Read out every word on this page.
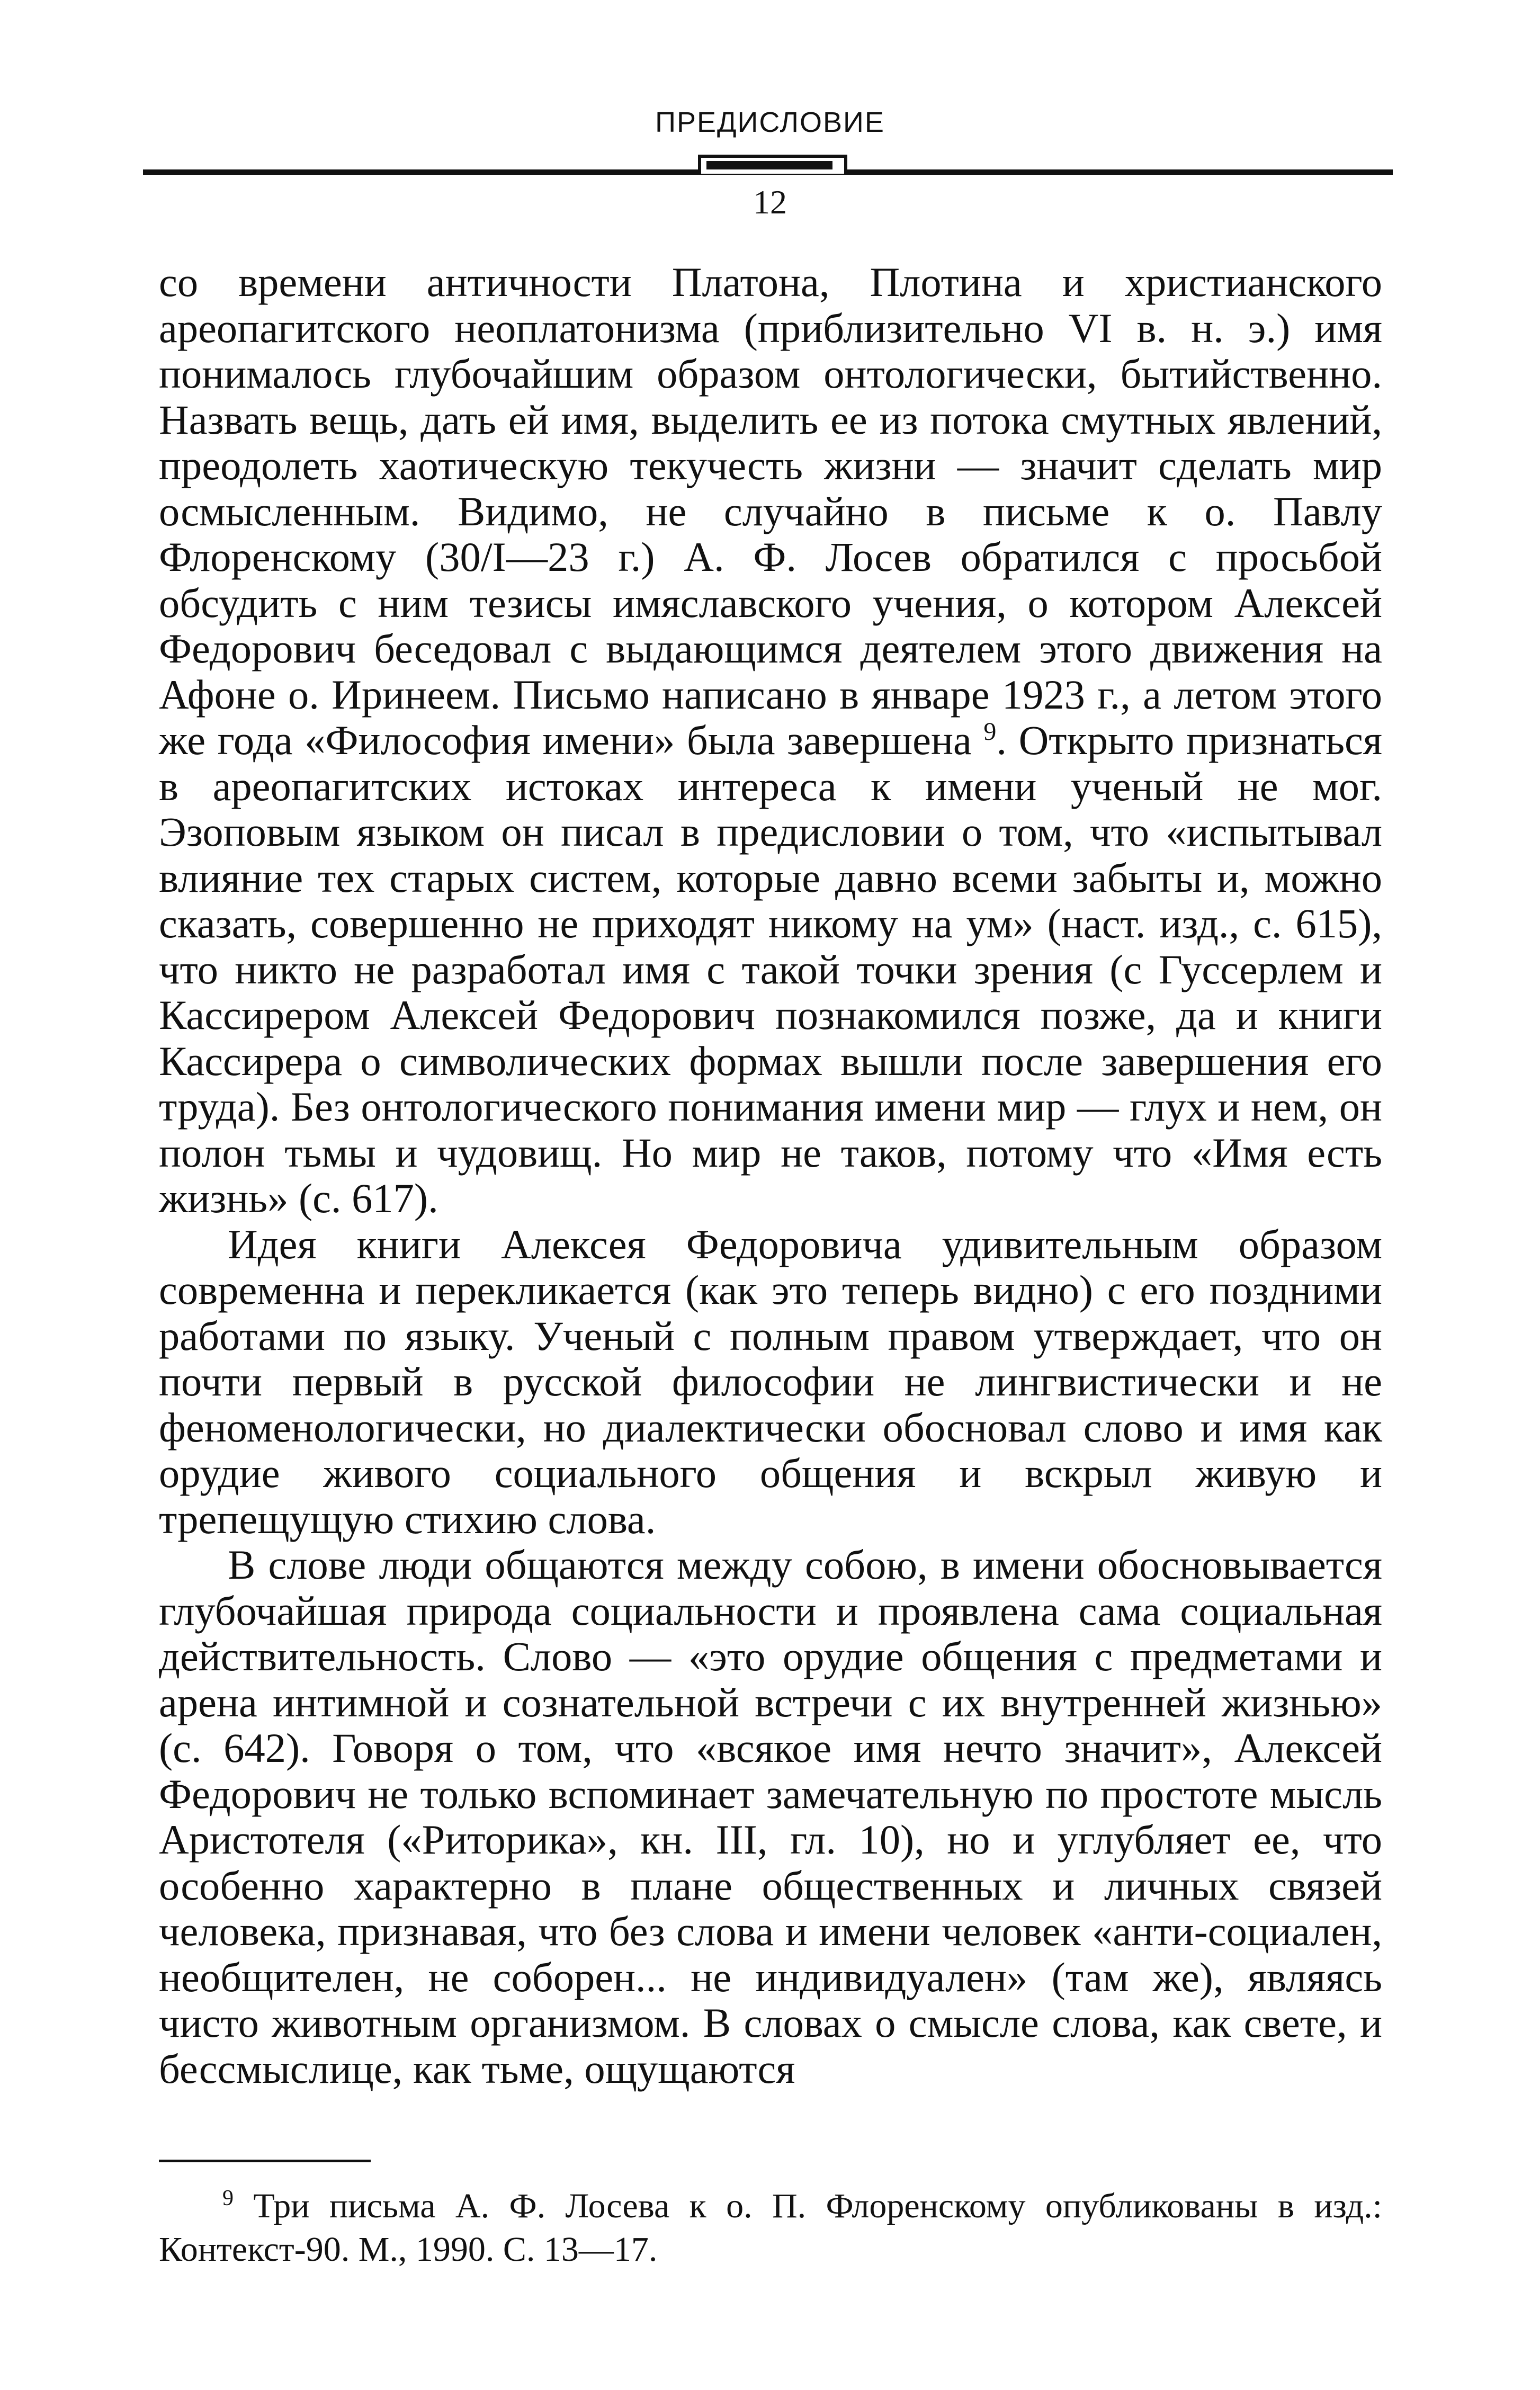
ПРЕДИСЛОВИЕ
12

со времени античности Платона, Плотина и христианского ареопагитского неоплатонизма (приблизительно VI в. н. э.) имя понималось глубочайшим образом онтологически, бытийственно. Назвать вещь, дать ей имя, выделить ее из потока смутных явлений, преодолеть хаотическую текучесть жизни — значит сделать мир осмысленным. Видимо, не случайно в письме к о. Павлу Флоренскому (30/I—23 г.) А. Ф. Лосев обратился с просьбой обсудить с ним тезисы имяславского учения, о котором Алексей Федорович беседовал с выдающимся деятелем этого движения на Афоне о. Иринеем. Письмо написано в январе 1923 г., а летом этого же года «Философия имени» была завершена $^9$. Открыто признаться в ареопагитских истоках интереса к имени ученый не мог. Эзоповым языком он писал в предисловии о том, что «испытывал влияние тех старых систем, которые давно всеми забыты и, можно сказать, совершенно не приходят никому на ум» (наст. изд., с. 615), что никто не разработал имя с такой точки зрения (с Гуссерлем и Кассирером Алексей Федорович познакомился позже, да и книги Кассирера о символических формах вышли после завершения его труда). Без онтологического понимания имени мир — глух и нем, он полон тьмы и чудовищ. Но мир не таков, потому что «Имя есть жизнь» (с. 617).

Идея книги Алексея Федоровича удивительным образом современна и перекликается (как это теперь видно) с его поздними работами по языку. Ученый с полным правом утверждает, что он почти первый в русской философии не лингвистически и не феноменологически, но диалектически обосновал слово и имя как орудие живого социального общения и вскрыл живую и трепещущую стихию слова.

В слове люди общаются между собою, в имени обосновывается глубочайшая природа социальности и проявлена сама социальная действительность. Слово — «это орудие общения с предметами и арена интимной и сознательной встречи с их внутренней жизнью» (с. 642). Говоря о том, что «всякое имя нечто значит», Алексей Федорович не только вспоминает замечательную по простоте мысль Аристотеля («Риторика», кн. III, гл. 10), но и углубляет ее, что особенно характерно в плане общественных и личных связей человека, признавая, что без слова и имени человек «анти-социален, необщителен, не соборен... не индивидуален» (там же), являясь чисто животным организмом. В словах о смысле слова, как свете, и бессмыслице, как тьме, ощущаются

$^9$ Три письма А. Ф. Лосева к о. П. Флоренскому опубликованы в изд.: Контекст-90. М., 1990. С. 13—17.
